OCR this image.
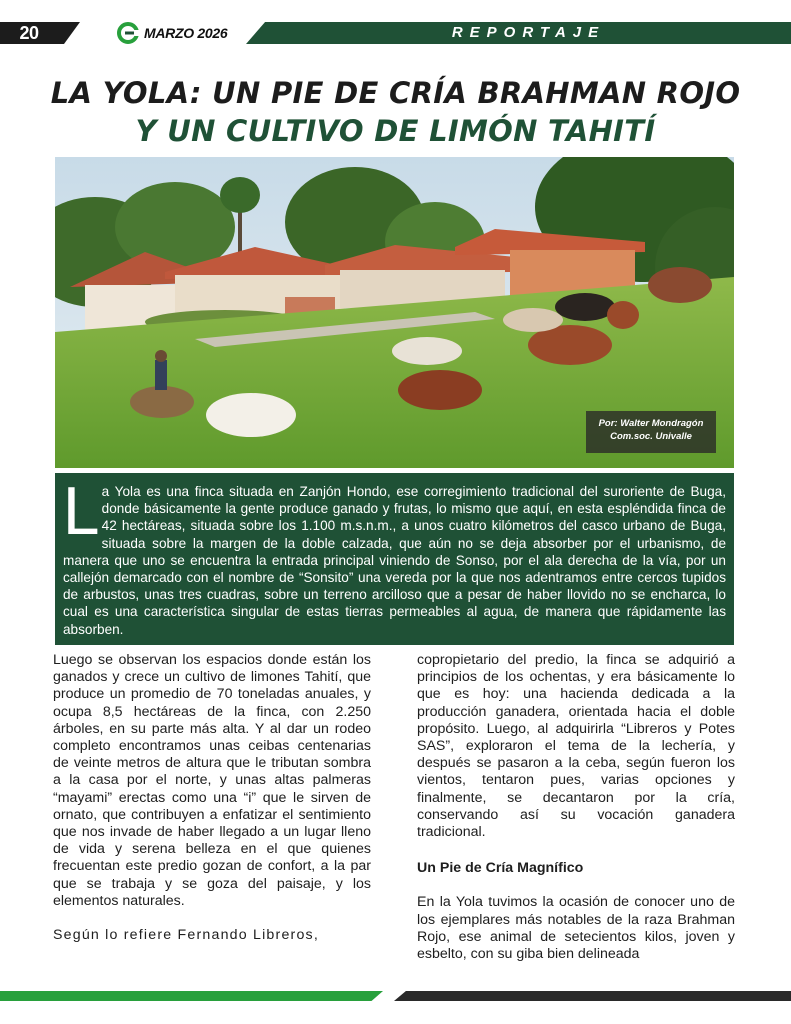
20	MARZO 2026	REPORTAJE
LA YOLA: UN PIE DE CRÍA BRAHMAN ROJO
Y UN CULTIVO DE LIMÓN TAHITÍ
Por: Walter Mondragón
Com.soc. Univalle
L a Yola es una finca situada en Zanjón Hondo, ese corregimiento tradicional del suroriente de Buga, donde básicamente la gente produce ganado y frutas, lo mismo que aquí, en esta espléndida finca de 42 hectáreas, situada sobre los 1.100 m.s.n.m., a unos cuatro kilómetros del casco urbano de Buga, situada sobre la margen de la doble calzada, que aún no se deja absorber por el urbanismo, de manera que uno se encuentra la entrada principal viniendo de Sonso, por el ala derecha de la vía, por un callejón demarcado con el nombre de “Sonsito” una vereda por la que nos adentramos entre cercos tupidos de arbustos, unas tres cuadras, sobre un terreno arcilloso que a pesar de haber llovido no se encharca, lo cual es una característica singular de estas tierras permeables al agua, de manera que rápidamente las absorben.

Luego se observan los espacios donde están los ganados y crece un cultivo de limones Tahití, que produce un promedio de 70 toneladas anuales, y ocupa 8,5 hectáreas de la finca, con 2.250 árboles, en su parte más alta. Y al dar un rodeo completo encontramos unas ceibas centenarias de veinte metros de altura que le tributan sombra a la casa por el norte, y unas altas palmeras “mayami” erectas como una “i” que le sirven de ornato, que contribuyen a enfatizar el sentimiento que nos invade de haber llegado a un lugar lleno de vida y serena belleza en el que quienes frecuentan este predio gozan de confort, a la par que se trabaja y se goza del paisaje, y los elementos naturales.

Según lo refiere Fernando Libreros,

copropietario del predio, la finca se adquirió a principios de los ochentas, y era básicamente lo que es hoy: una hacienda dedicada a la producción ganadera, orientada hacia el doble propósito. Luego, al adquirirla “Libreros y Potes SAS”, exploraron el tema de la lechería, y después se pasaron a la ceba, según fueron los vientos, tentaron pues, varias opciones y finalmente, se decantaron por la cría, conservando así su vocación ganadera tradicional.

Un Pie de Cría Magnífico

En la Yola tuvimos la ocasión de conocer uno de los ejemplares más notables de la raza Brahman Rojo, ese animal de setecientos kilos, joven y esbelto, con su giba bien delineada
